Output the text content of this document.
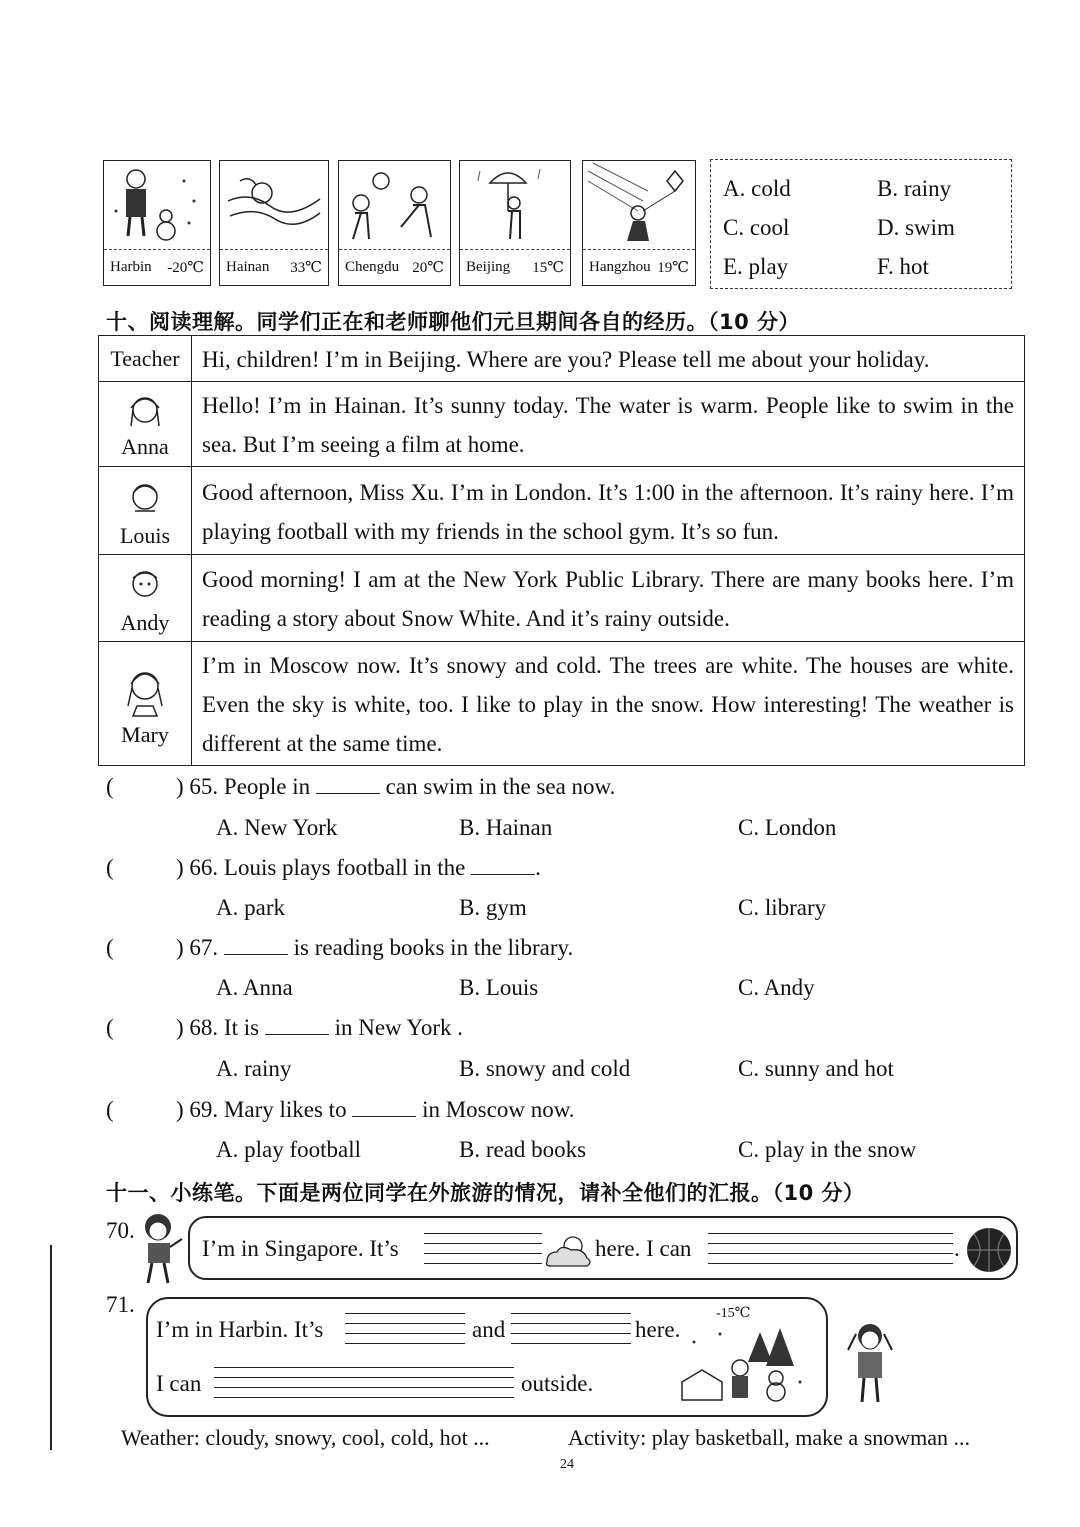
Harbin -20℃ Hainan 33℃ Chengdu 20℃ Beijing 15℃ Hangzhou 19℃
A. cold	B. rainy
C. cool	D. swim
E. play	F. hot
十、阅读理解。同学们正在和老师聊他们元旦期间各自的经历。（10 分）
Teacher	Hi, children! I’m in Beijing. Where are you? Please tell me about your holiday.

Anna	Hello! I’m in Hainan. It’s sunny today. The water is warm. People like to swim in the sea. But I’m seeing a film at home.

Louis	Good afternoon, Miss Xu. I’m in London. It’s 1:00 in the afternoon. It’s rainy here. I’m playing football with my friends in the school gym. It’s so fun.

Andy	Good morning! I am at the New York Public Library. There are many books here. I’m reading a story about Snow White. And it’s rainy outside.

Mary	I’m in Moscow now. It’s snowy and cold. The trees are white. The houses are white. Even the sky is white, too. I like to play in the snow. How interesting! The weather is different at the same time.
(	) 65. People in	can swim in the sea now.
A. New York	B. Hainan	C. London
(	) 66. Louis plays football in the	.
A. park	B. gym	C. library
(	) 67.	is reading books in the library.
A. Anna	B. Louis	C. Andy
(	) 68. It is	in New York .
A. rainy	B. snowy and cold	C. sunny and hot
(	) 69. Mary likes to	in Moscow now.
A. play football	B. read books	C. play in the snow
十一、小练笔。下面是两位同学在外旅游的情况，请补全他们的汇报。（10 分）
70.
I’m in Singapore. It’s	here. I can	.
71.
I’m in Harbin. It’s	and	here.
-15℃
I can	outside.
Weather: cloudy, snowy, cool, cold, hot ...	Activity: play basketball, make a snowman ...
24
